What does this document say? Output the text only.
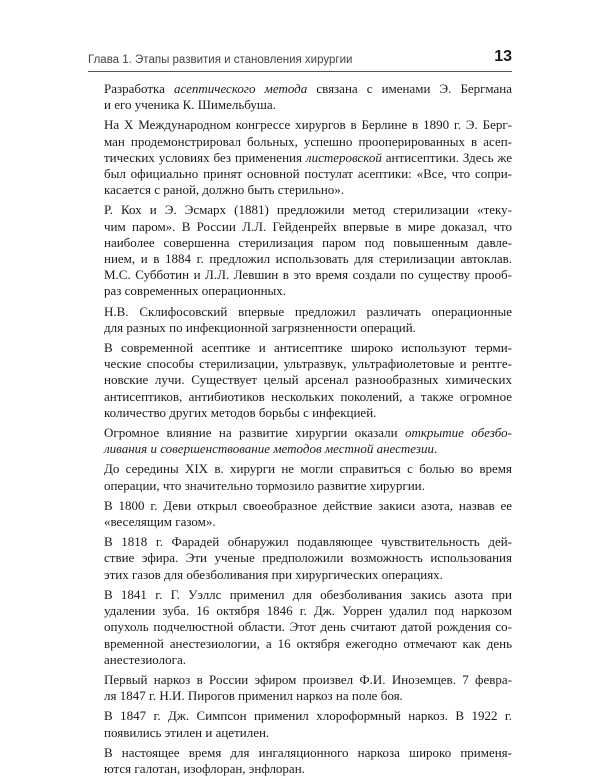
Глава 1. Этапы развития и становления хирургии	13
Разработка асептического метода связана с именами Э. Бергмана
и его ученика К. Шимельбуша.
На X Международном конгрессе хирургов в Берлине в 1890 г. Э. Берг-
ман продемонстрировал больных, успешно прооперированных в асеп-
тических условиях без применения листеровской антисептики. Здесь же
был официально принят основной постулат асептики: «Все, что сопри-
касается с раной, должно быть стерильно».
Р. Кох и Э. Эсмарх (1881) предложили метод стерилизации «теку-
чим паром». В России Л.Л. Гейденрейх впервые в мире доказал, что
наиболее совершенна стерилизация паром под повышенным давле-
нием, и в 1884 г. предложил использовать для стерилизации автоклав.
М.С. Субботин и Л.Л. Левшин в это время создали по существу прооб-
раз современных операционных.
Н.В. Склифосовский впервые предложил различать операционные
для разных по инфекционной загрязненности операций.
В современной асептике и антисептике широко используют терми-
ческие способы стерилизации, ультразвук, ультрафиолетовые и рентге-
новские лучи. Существует целый арсенал разнообразных химических
антисептиков, антибиотиков нескольких поколений, а также огромное
количество других методов борьбы с инфекцией.
Огромное влияние на развитие хирургии оказали открытие обезбо-
ливания и совершенствование методов местной анестезии.
До середины XIX в. хирурги не могли справиться с болью во время
операции, что значительно тормозило развитие хирургии.
В 1800 г. Деви открыл своеобразное действие закиси азота, назвав ее
«веселящим газом».
В 1818 г. Фарадей обнаружил подавляющее чувствительность дей-
ствие эфира. Эти ученые предположили возможность использования
этих газов для обезболивания при хирургических операциях.
В 1841 г. Г. Уэллс применил для обезболивания закись азота при
удалении зуба. 16 октября 1846 г. Дж. Уоррен удалил под наркозом
опухоль подчелюстной области. Этот день считают датой рождения со-
временной анестезиологии, а 16 октября ежегодно отмечают как день
анестезиолога.
Первый наркоз в России эфиром произвел Ф.И. Иноземцев. 7 февра-
ля 1847 г. Н.И. Пирогов применил наркоз на поле боя.
В 1847 г. Дж. Симпсон применил хлороформный наркоз. В 1922 г.
появились этилен и ацетилен.
В настоящее время для ингаляционного наркоза широко применя-
ются галотан, изофлоран, энфлоран.
